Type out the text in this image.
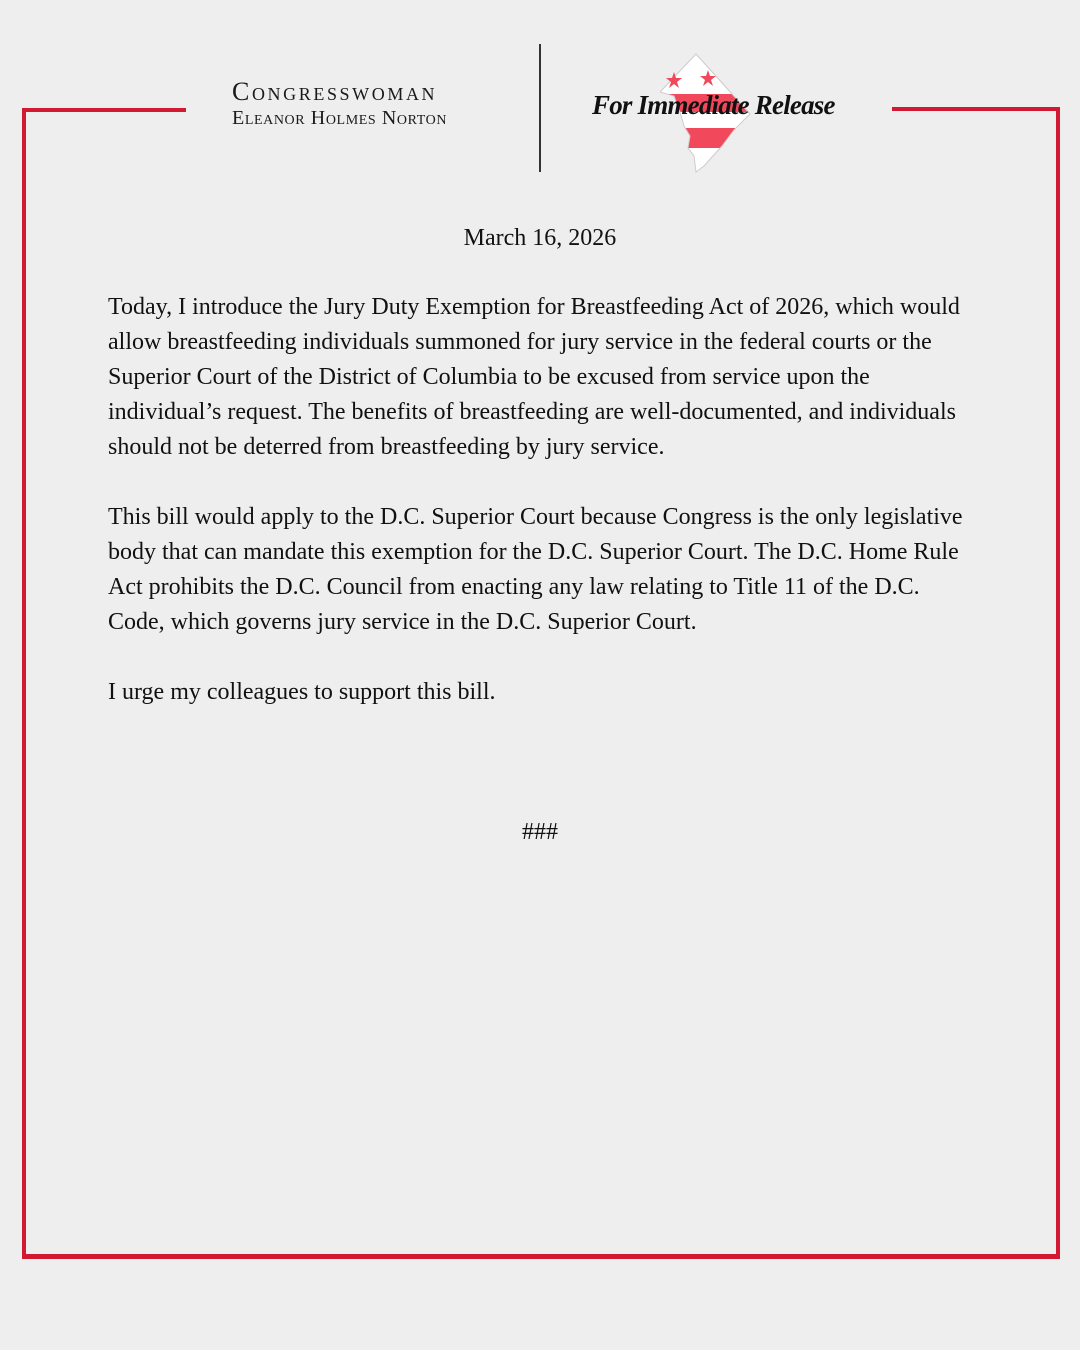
Congresswoman
Eleanor Holmes Norton	For Immediate Release
March 16, 2026

Today, I introduce the Jury Duty Exemption for Breastfeeding Act of 2026, which would allow breastfeeding individuals summoned for jury service in the federal courts or the Superior Court of the District of Columbia to be excused from service upon the individual’s request. The benefits of breastfeeding are well-documented, and individuals should not be deterred from breastfeeding by jury service.

This bill would apply to the D.C. Superior Court because Congress is the only legislative body that can mandate this exemption for the D.C. Superior Court. The D.C. Home Rule Act prohibits the D.C. Council from enacting any law relating to Title 11 of the D.C. Code, which governs jury service in the D.C. Superior Court.

I urge my colleagues to support this bill.

###
